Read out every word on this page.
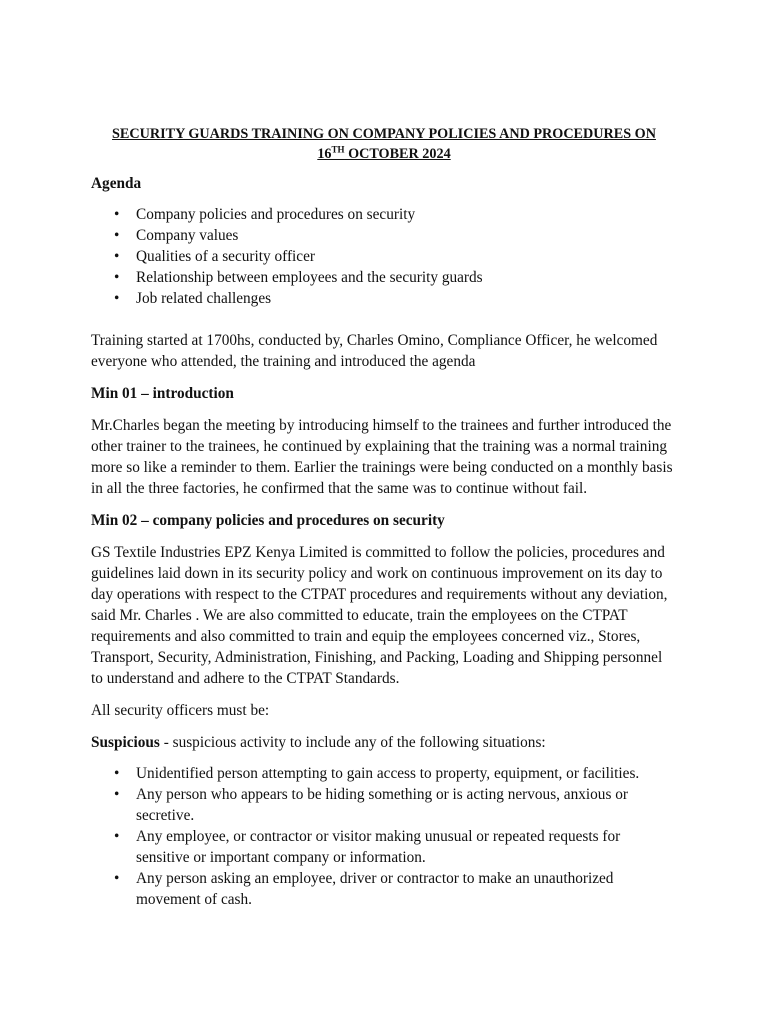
SECURITY GUARDS TRAINING ON COMPANY POLICIES AND PROCEDURES ON
16TH OCTOBER 2024

Agenda

• Company policies and procedures on security
• Company values
• Qualities of a security officer
• Relationship between employees and the security guards
• Job related challenges

Training started at 1700hs, conducted by, Charles Omino, Compliance Officer, he welcomed everyone who attended, the training and introduced the agenda

Min 01 – introduction

Mr.Charles began the meeting by introducing himself to the trainees and further introduced the other trainer to the trainees, he continued by explaining that the training was a normal training more so like a reminder to them. Earlier the trainings were being conducted on a monthly basis in all the three factories, he confirmed that the same was to continue without fail.

Min 02 – company policies and procedures on security

GS Textile Industries EPZ Kenya Limited is committed to follow the policies, procedures and guidelines laid down in its security policy and work on continuous improvement on its day to day operations with respect to the CTPAT procedures and requirements without any deviation, said Mr. Charles . We are also committed to educate, train the employees on the CTPAT requirements and also committed to train and equip the employees concerned viz., Stores, Transport, Security, Administration, Finishing, and Packing, Loading and Shipping personnel to understand and adhere to the CTPAT Standards.

All security officers must be:

Suspicious - suspicious activity to include any of the following situations:

• Unidentified person attempting to gain access to property, equipment, or facilities.
• Any person who appears to be hiding something or is acting nervous, anxious or secretive.
• Any employee, or contractor or visitor making unusual or repeated requests for sensitive or important company or information.
• Any person asking an employee, driver or contractor to make an unauthorized movement of cash.
